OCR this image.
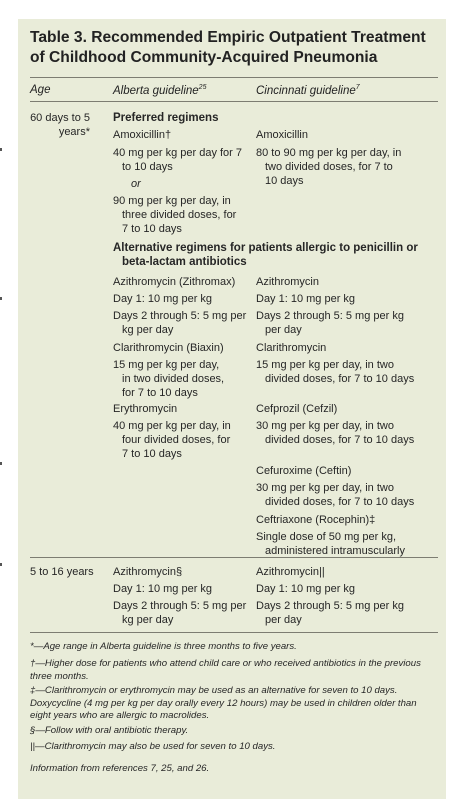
Table 3. Recommended Empiric Outpatient Treatment of Childhood Community-Acquired Pneumonia
Age	Alberta guideline$^{25}$	Cincinnati guideline$^7$
60 days to 5 years*
5 to 16 years
Preferred regimens
Alternative regimens for patients allergic to penicillin or beta-lactam antibiotics
Amoxicillin†
40 mg per kg per day for 7 to 10 days
or
90 mg per kg per day, in three divided doses, for 7 to 10 days
Amoxicillin
80 to 90 mg per kg per day, in two divided doses, for 7 to 10 days
Azithromycin (Zithromax)
Day 1: 10 mg per kg
Days 2 through 5: 5 mg per kg per day
Clarithromycin (Biaxin)
15 mg per kg per day, in two divided doses, for 7 to 10 days
Erythromycin
40 mg per kg per day, in four divided doses, for 7 to 10 days
Azithromycin
Day 1: 10 mg per kg
Days 2 through 5: 5 mg per kg per day
Clarithromycin
15 mg per kg per day, in two divided doses, for 7 to 10 days
Cefprozil (Cefzil)
30 mg per kg per day, in two divided doses, for 7 to 10 days
Cefuroxime (Ceftin)
30 mg per kg per day, in two divided doses, for 7 to 10 days
Ceftriaxone (Rocephin)‡
Single dose of 50 mg per kg, administered intramuscularly
Azithromycin§
Day 1: 10 mg per kg
Days 2 through 5: 5 mg per kg per day
Azithromycin||
Day 1: 10 mg per kg
Days 2 through 5: 5 mg per kg per day
*—Age range in Alberta guideline is three months to five years.
†—Higher dose for patients who attend child care or who received antibiotics in the previous three months.
‡—Clarithromycin or erythromycin may be used as an alternative for seven to 10 days. Doxycycline (4 mg per kg per day orally every 12 hours) may be used in children older than eight years who are allergic to macrolides.
§—Follow with oral antibiotic therapy.
||—Clarithromycin may also be used for seven to 10 days.
Information from references 7, 25, and 26.
